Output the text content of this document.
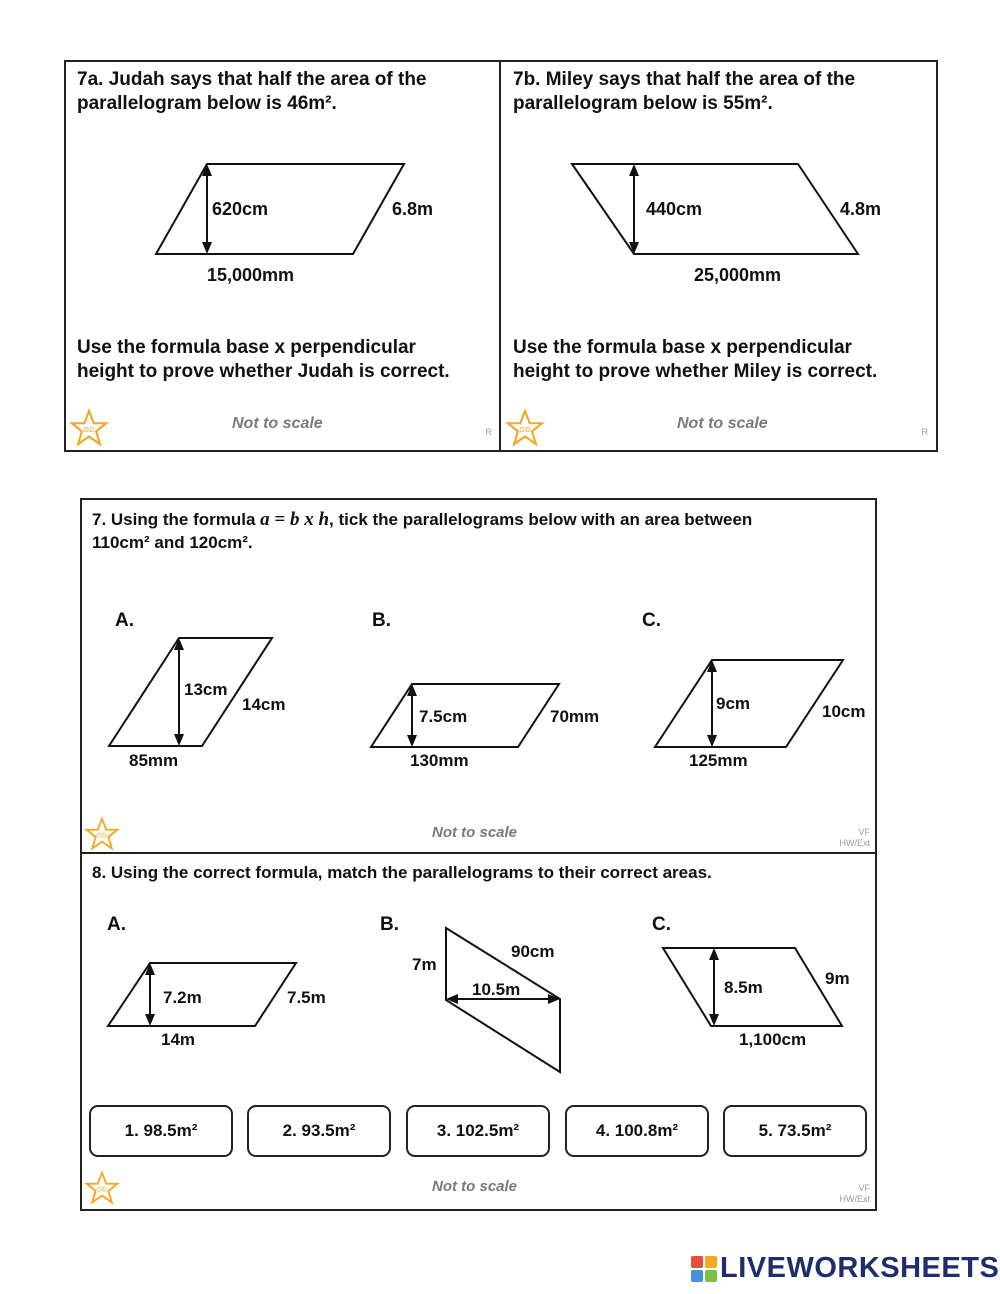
7a. Judah says that half the area of the
parallelogram below is 46m².
620cm	6.8m
15,000mm
Use the formula base x perpendicular
height to prove whether Judah is correct.
GD	Not to scale	R
7b. Miley says that half the area of the
parallelogram below is 55m².
440cm	4.8m
25,000mm
Use the formula base x perpendicular
height to prove whether Miley is correct.
GD	Not to scale	R
7. Using the formula a = b x h, tick the parallelograms below with an area between
110cm² and 120cm².
A.	B.	C.
13cm
14cm
85mm
7.5cm	70mm
130mm
9cm	10cm
125mm
GD	Not to scale	VF
HW/Ext
8. Using the correct formula, match the parallelograms to their correct areas.
A.	B.	C.
7.2m	7.5m
14m
10.5m
90cm
7m
8.5m	9m
1,100cm
1. 98.5m²	2. 93.5m²	3. 102.5m²	4. 100.8m²	5. 73.5m²
GD	Not to scale	VF
HW/Ext
LIVEWORKSHEETS
